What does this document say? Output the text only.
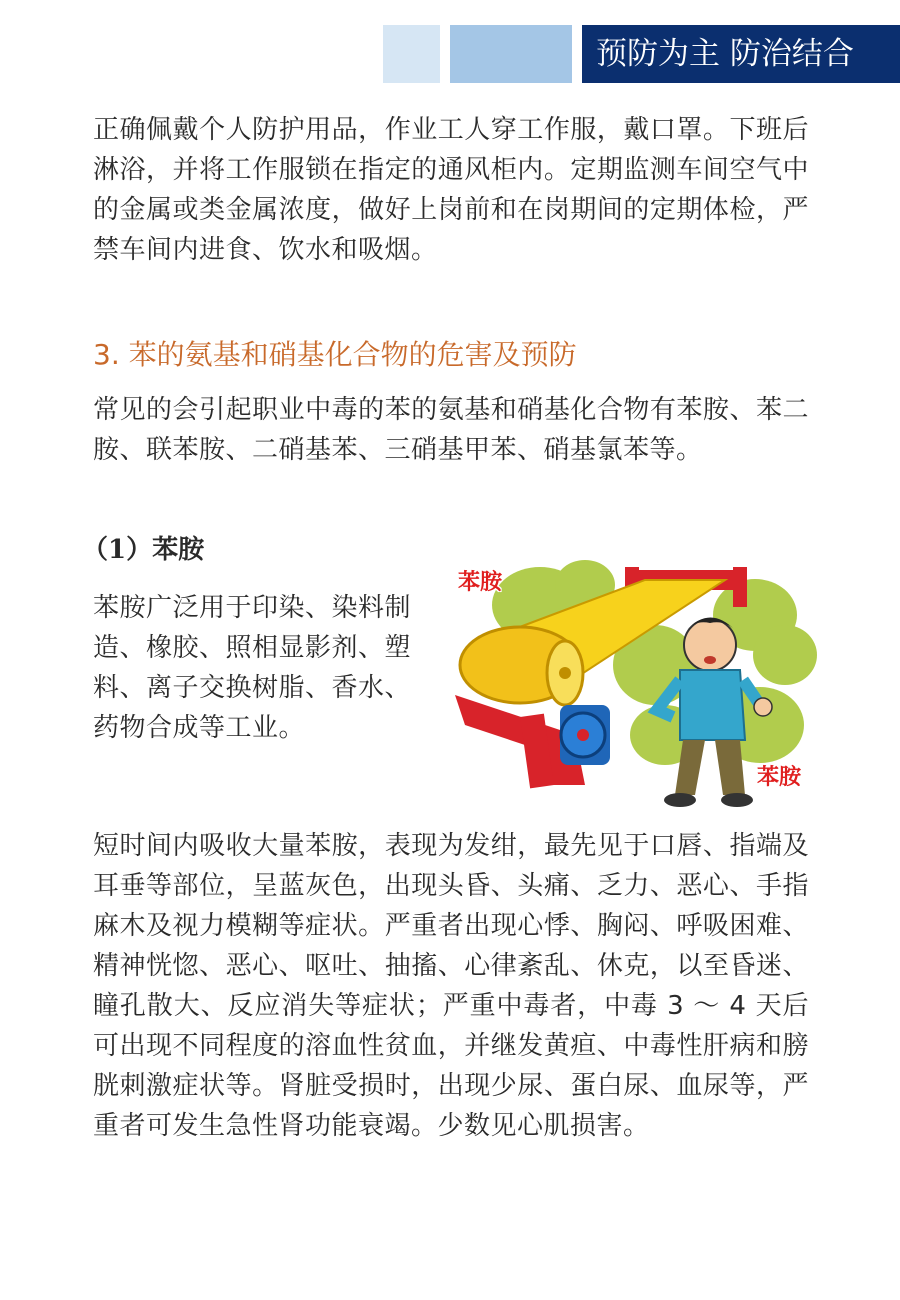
预防为主 防治结合

正确佩戴个人防护用品，作业工人穿工作服，戴口罩。下班后淋浴，并将工作服锁在指定的通风柜内。定期监测车间空气中的金属或类金属浓度，做好上岗前和在岗期间的定期体检，严禁车间内进食、饮水和吸烟。

3. 苯的氨基和硝基化合物的危害及预防

常见的会引起职业中毒的苯的氨基和硝基化合物有苯胺、苯二胺、联苯胺、二硝基苯、三硝基甲苯、硝基氯苯等。

（1）苯胺

苯胺广泛用于印染、染料制造、橡胶、照相显影剂、塑料、离子交换树脂、香水、药物合成等工业。

苯胺
苯胺

短时间内吸收大量苯胺，表现为发绀，最先见于口唇、指端及耳垂等部位，呈蓝灰色，出现头昏、头痛、乏力、恶心、手指麻木及视力模糊等症状。严重者出现心悸、胸闷、呼吸困难、精神恍惚、恶心、呕吐、抽搐、心律紊乱、休克，以至昏迷、瞳孔散大、反应消失等症状；严重中毒者，中毒 3 ～ 4 天后可出现不同程度的溶血性贫血，并继发黄疸、中毒性肝病和膀胱刺激症状等。肾脏受损时，出现少尿、蛋白尿、血尿等，严重者可发生急性肾功能衰竭。少数见心肌损害。
